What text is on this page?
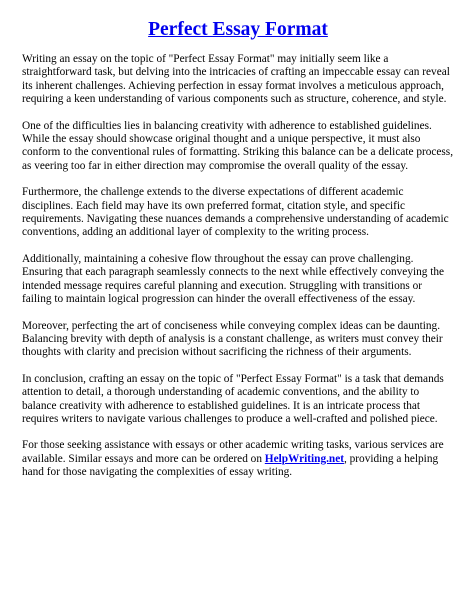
Perfect Essay Format

Writing an essay on the topic of "Perfect Essay Format" may initially seem like a straightforward task, but delving into the intricacies of crafting an impeccable essay can reveal its inherent challenges. Achieving perfection in essay format involves a meticulous approach, requiring a keen understanding of various components such as structure, coherence, and style.

One of the difficulties lies in balancing creativity with adherence to established guidelines. While the essay should showcase original thought and a unique perspective, it must also conform to the conventional rules of formatting. Striking this balance can be a delicate process, as veering too far in either direction may compromise the overall quality of the essay.

Furthermore, the challenge extends to the diverse expectations of different academic disciplines. Each field may have its own preferred format, citation style, and specific requirements. Navigating these nuances demands a comprehensive understanding of academic conventions, adding an additional layer of complexity to the writing process.

Additionally, maintaining a cohesive flow throughout the essay can prove challenging. Ensuring that each paragraph seamlessly connects to the next while effectively conveying the intended message requires careful planning and execution. Struggling with transitions or failing to maintain logical progression can hinder the overall effectiveness of the essay.

Moreover, perfecting the art of conciseness while conveying complex ideas can be daunting. Balancing brevity with depth of analysis is a constant challenge, as writers must convey their thoughts with clarity and precision without sacrificing the richness of their arguments.

In conclusion, crafting an essay on the topic of "Perfect Essay Format" is a task that demands attention to detail, a thorough understanding of academic conventions, and the ability to balance creativity with adherence to established guidelines. It is an intricate process that requires writers to navigate various challenges to produce a well-crafted and polished piece.

For those seeking assistance with essays or other academic writing tasks, various services are available. Similar essays and more can be ordered on HelpWriting.net, providing a helping hand for those navigating the complexities of essay writing.
